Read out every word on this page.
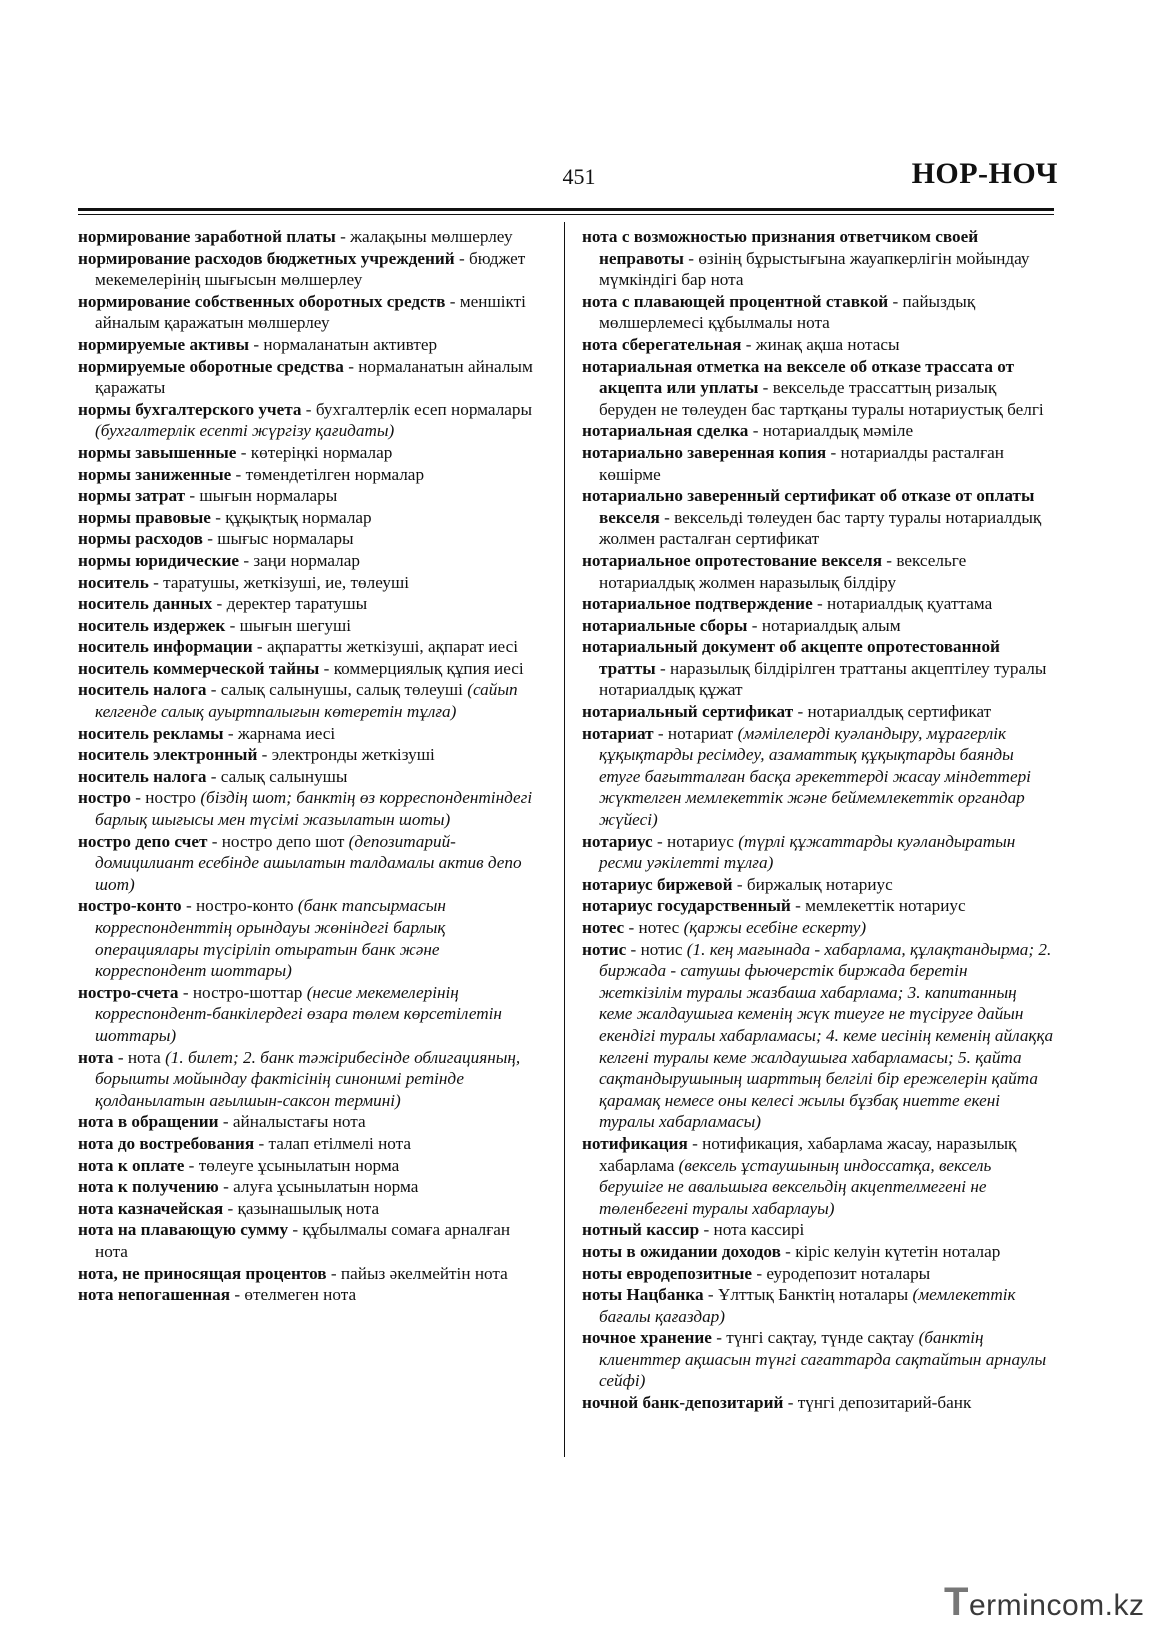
451	НОР-НОЧ
нормирование заработной платы - жалақыны мөлшерлеу
нормирование расходов бюджетных учреждений - бюджет мекемелерінің шығысын мөлшерлеу
нормирование собственных оборотных средств - меншікті айналым қаражатын мөлшерлеу
нормируемые активы - нормаланатын активтер
нормируемые оборотные средства - нормаланатын айналым қаражаты
нормы бухгалтерского учета - бухгалтерлік есеп нормалары (бухгалтерлік есепті жүргізу қағидаты)
нормы завышенные - көтеріңкі нормалар
нормы заниженные - төмендетілген нормалар
нормы затрат - шығын нормалары
нормы правовые - құқықтық нормалар
нормы расходов - шығыс нормалары
нормы юридические - заңи нормалар
носитель - таратушы, жеткізуші, ие, төлеуші
носитель данных - деректер таратушы
носитель издержек - шығын шегуші
носитель информации - ақпаратты жеткізуші, ақпарат иесі
носитель коммерческой тайны - коммерциялық құпия иесі
носитель налога - салық салынушы, салық төлеуші (сайып келгенде салық ауыртпалығын көтеретін тұлға)
носитель рекламы - жарнама иесі
носитель электронный - электронды жеткізуші
носитель налога - салық салынушы
ностро - ностро (біздің шот; банктің өз корреспондентіндегі барлық шығысы мен түсімі жазылатын шоты)
ностро депо счет - ностро депо шот (депозитарий-домицилиант есебінде ашылатын талдамалы актив депо шот)
ностро-конто - ностро-конто (банк тапсырмасын корреспонденттің орындауы жөніндегі барлық операциялары түсіріліп отыратын банк және корреспондент шоттары)
ностро-счета - ностро-шоттар (несие мекемелерінің корреспондент-банкілердегі өзара төлем көрсетілетін шоттары)
нота - нота (1. билет; 2. банк тәжірибесінде облигацияның, борышты мойындау фактісінің синонимі ретінде қолданылатын ағылшын-саксон термині)
нота в обращении - айналыстағы нота
нота до востребования - талап етілмелі нота
нота к оплате - төлеуге ұсынылатын норма
нота к получению - алуға ұсынылатын норма
нота казначейская - қазынашылық нота
нота на плавающую сумму - құбылмалы сомаға арналған нота
нота, не приносящая процентов - пайыз әкелмейтін нота
нота непогашенная - өтелмеген нота
нота с возможностью признания ответчиком своей неправоты - өзінің бұрыстығына жауапкерлігін мойындау мүмкіндігі бар нота
нота с плавающей процентной ставкой - пайыздық мөлшерлемесі құбылмалы нота
нота сберегательная - жинақ ақша нотасы
нотариальная отметка на векселе об отказе трассата от акцепта или уплаты - вексельде трассаттың ризалық беруден не төлеуден бас тартқаны туралы нотариустық белгі
нотариальная сделка - нотариалдық мәміле
нотариально заверенная копия - нотариалды расталған көшірме
нотариально заверенный сертификат об отказе от оплаты векселя - вексельді төлеуден бас тарту туралы нотариалдық жолмен расталған сертификат
нотариальное опротестование векселя - вексельге нотариалдық жолмен наразылық білдіру
нотариальное подтверждение - нотариалдық қуаттама
нотариальные сборы - нотариалдық алым
нотариальный документ об акцепте опротестованной тратты - наразылық білдірілген траттаны акцептілеу туралы нотариалдық құжат
нотариальный сертификат - нотариалдық сертификат
нотариат - нотариат (мәмілелерді куәландыру, мұрагерлік құқықтарды ресімдеу, азаматтық құқықтарды баянды етуге бағытталған басқа әрекеттерді жасау міндеттері жүктелген мемлекеттік және беймемлекеттік органдар жүйесі)
нотариус - нотариус (түрлі құжаттарды куәландыратын ресми уәкілетті тұлға)
нотариус биржевой - биржалық нотариус
нотариус государственный - мемлекеттік нотариус
нотес - нотес (қаржы есебіне ескерту)
нотис - нотис (1. кең мағынада - хабарлама, құлақтандырма; 2. биржада - сатушы фьючерстік биржада беретін жеткізілім туралы жазбаша хабарлама; 3. капитанның кеме жалдаушыға кеменің жүк тиеуге не түсіруге дайын екендігі туралы хабарламасы; 4. кеме иесінің кеменің айлаққа келгені туралы кеме жалдаушыға хабарламасы; 5. қайта сақтандырушының шарттың белгілі бір ережелерін қайта қарамақ немесе оны келесі жылы бұзбақ ниетте екені туралы хабарламасы)
нотификация - нотификация, хабарлама жасау, наразылық хабарлама (вексель ұстаушының индоссатқа, вексель берушіге не авальшыға вексельдің акцептелмегені не төленбегені туралы хабарлауы)
нотный кассир - нота кассирі
ноты в ожидании доходов - кіріс келуін күтетін ноталар
ноты евродепозитные - еуродепозит ноталары
ноты Нацбанка - Ұлттық Банктің ноталары (мемлекеттік бағалы қағаздар)
ночное хранение - түнгі сақтау, түнде сақтау (банктің клиенттер ақшасын түнгі сағаттарда сақтайтын арнаулы сейфі)
ночной банк-депозитарий - түнгі депозитарий-банк
Termincom.kz
